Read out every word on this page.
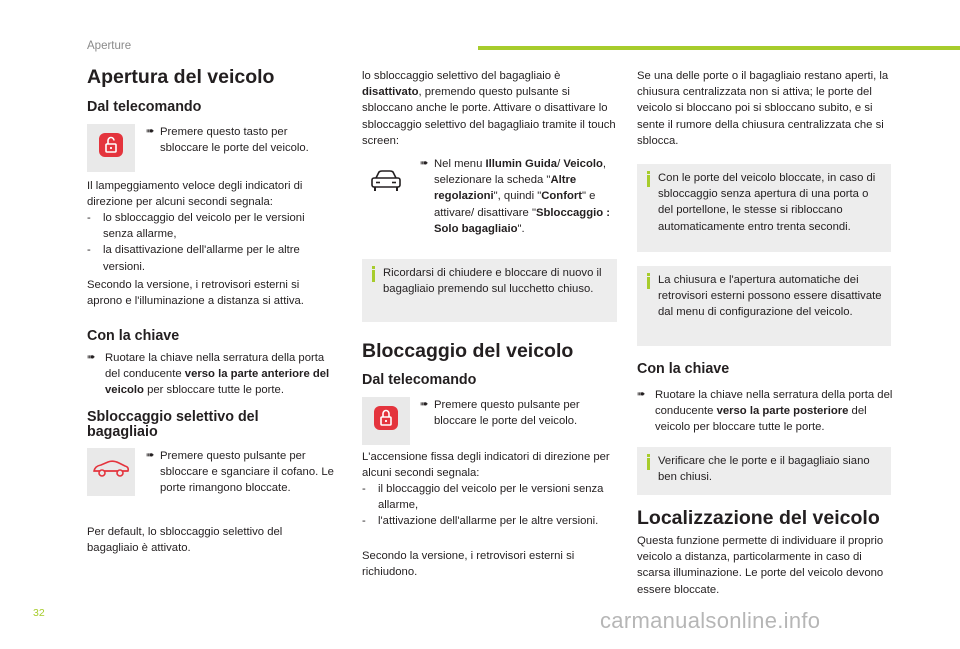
Aperture
Apertura del veicolo
Dal telecomando
➠ Premere questo tasto per sbloccare le porte del veicolo.

Il lampeggiamento veloce degli indicatori di direzione per alcuni secondi segnala:

-	lo sbloccaggio del veicolo per le versioni senza allarme,
-	la disattivazione dell'allarme per le altre versioni.

Secondo la versione, i retrovisori esterni si aprono e l'illuminazione a distanza si attiva.

Con la chiave
➠ Ruotare la chiave nella serratura della porta del conducente verso la parte anteriore del veicolo per sbloccare tutte le porte.
Sbloccaggio selettivo del bagagliaio
➠ Premere questo pulsante per sbloccare e sganciare il cofano. Le porte rimangono bloccate.

Per default, lo sbloccaggio selettivo del bagagliaio è attivato.

lo sbloccaggio selettivo del bagagliaio è disattivato, premendo questo pulsante si sbloccano anche le porte. Attivare o disattivare lo sbloccaggio selettivo del bagagliaio tramite il touch screen:

➠ Nel menu Illumin Guida/ Veicolo, selezionare la scheda "Altre regolazioni", quindi "Confort" e attivare/ disattivare "Sbloccaggio : Solo bagagliaio".
Ricordarsi di chiudere e bloccare di nuovo il bagagliaio premendo sul lucchetto chiuso.
Bloccaggio del veicolo
Dal telecomando
➠ Premere questo pulsante per bloccare le porte del veicolo.

L'accensione fissa degli indicatori di direzione per alcuni secondi segnala:

-	il bloccaggio del veicolo per le versioni senza allarme,
-	l'attivazione dell'allarme per le altre versioni.

Secondo la versione, i retrovisori esterni si richiudono.

Se una delle porte o il bagagliaio restano aperti, la chiusura centralizzata non si attiva; le porte del veicolo si bloccano poi si sbloccano subito, e si sente il rumore della chiusura centralizzata che si sblocca.

Con le porte del veicolo bloccate, in caso di sbloccaggio senza apertura di una porta o del portellone, le stesse si ribloccano automaticamente entro trenta secondi.
La chiusura e l'apertura automatiche dei retrovisori esterni possono essere disattivate dal menu di configurazione del veicolo.
Con la chiave
➠ Ruotare la chiave nella serratura della porta del conducente verso la parte posteriore del veicolo per bloccare tutte le porte.
Verificare che le porte e il bagagliaio siano ben chiusi.
Localizzazione del veicolo

Questa funzione permette di individuare il proprio veicolo a distanza, particolarmente in caso di scarsa illuminazione. Le porte del veicolo devono essere bloccate.

32	carmanualsonline.info
